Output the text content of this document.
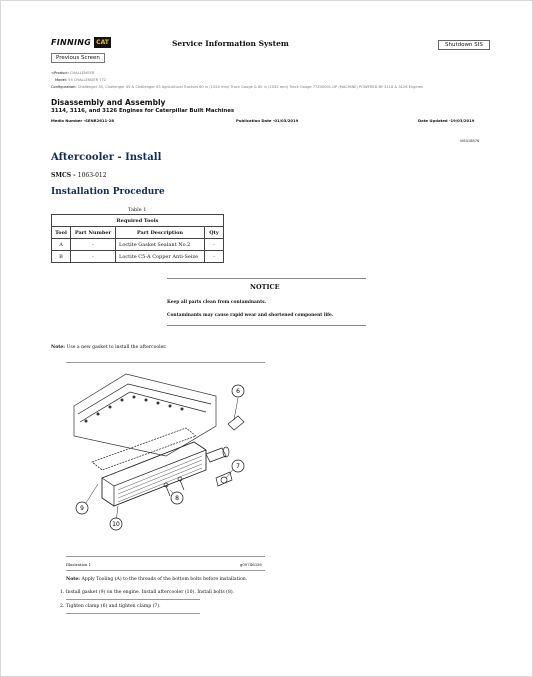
FINNING CAT
Previous Screen
Service Information System	Shutdown SIS
<Product: CHALLENGER
Model: 55 CHALLENGER 772
Configuration: Challenger 35, Challenger 45 & Challenger 55 Agricultural Tractors 60 in (1524 mm) Track Gauge & 80 in (2032 mm) Track Gauge 7TZ00001-UP (MACHINE) POWERED BY 3116 & 3126 Engines
Disassembly and Assembly
3114, 3116, and 3126 Engines for Caterpillar Built Machines
Media Number -SENR2611-28	Publication Date -01/03/2019	Date Updated -19/03/2019
i06418876
Aftercooler - Install
SMCS - 1063-012
Installation Procedure
Table 1
Required Tools			
Tool	Part Number	Part Description	Qty
A	-	Loctite Gasket Sealant No.2	-
B	-	Loctite C5-A Copper Anti-Seize	-
NOTICE
Keep all parts clean from contaminants.
Contaminants may cause rapid wear and shortened component life.
Note: Use a new gasket to install the aftercooler.
6
7
8
9
10
Illustration 1	g00746336
Note: Apply Tooling (A) to the threads of the bottom bolts before installation.
1. Install gasket (9) on the engine. Install aftercooler (10). Install bolts (8).
2. Tighten clamp (6) and tighten clamp (7).
